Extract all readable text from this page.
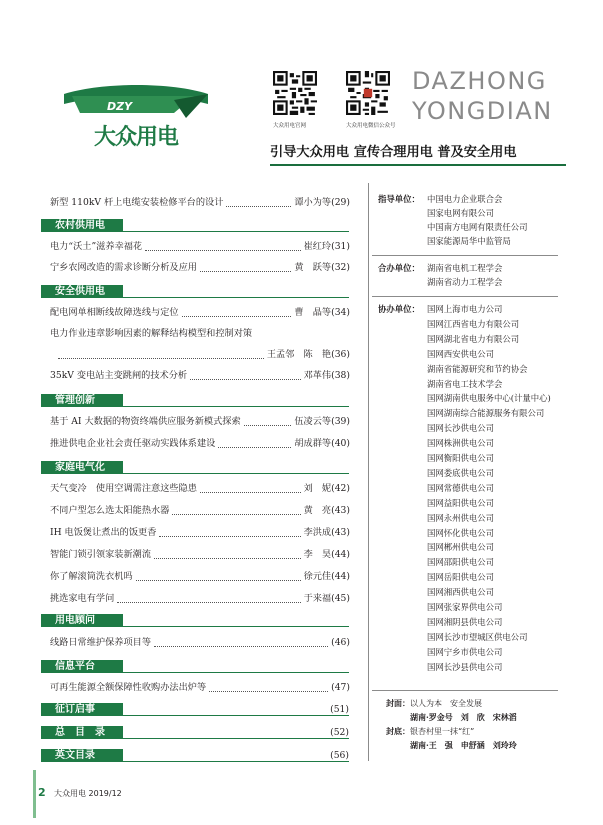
DZY
大众用电	大众用电官网	大众用电微信公众号
DAZHONG
YONGDIAN
引导大众用电 宣传合理用电 普及安全用电
新型 110kV 杆上电缆安装检修平台的设计	谭小为等 (29)
农村供用电
电力“沃土”滋养幸福花	崔红玲 (31)
宁乡农网改造的需求诊断分析及应用	黄　跃等 (32)
安全供用电
配电网单相断线故障选线与定位	曹　晶等 (34)
电力作业违章影响因素的解释结构模型和控制对策
王孟邻　陈　艳 (36)
35kV 变电站主变跳闸的技术分析	邓革伟 (38)
管理创新
基于 AI 大数据的物资终端供应服务新模式探索	伍凌云等 (39)
推进供电企业社会责任驱动实践体系建设	胡成群等 (40)
家庭电气化
天气变冷　使用空调需注意这些隐患	刘　妮 (42)
不同户型怎么选太阳能热水器	黄　亮 (43)
IH 电饭煲让煮出的饭更香	李洪成 (43)
智能门锁引领家装新潮流	李　昊 (44)
你了解滚筒洗衣机吗	徐元佳 (44)
挑选家电有学问	于来福 (45)
用电顾问
线路日常维护保养项目等	(46)
信息平台
可再生能源全额保障性收购办法出炉等	(47)
征订启事	(51)
总　目　录	(52)
英文目录	(56)
指导单位： 中国电力企业联合会
国家电网有限公司
中国南方电网有限责任公司
国家能源局华中监管局
合办单位： 湖南省电机工程学会
湖南省动力工程学会
协办单位： 国网上海市电力公司
国网江西省电力有限公司
国网湖北省电力有限公司
国网西安供电公司
湖南省能源研究和节约协会
湖南省电工技术学会
国网湖南供电服务中心(计量中心)
国网湖南综合能源服务有限公司
国网长沙供电公司
国网株洲供电公司
国网衡阳供电公司
国网娄底供电公司
国网常德供电公司
国网益阳供电公司
国网永州供电公司
国网怀化供电公司
国网郴州供电公司
国网邵阳供电公司
国网岳阳供电公司
国网湘西供电公司
国网张家界供电公司
国网湘阴县供电公司
国网长沙市望城区供电公司
国网宁乡市供电公司
国网长沙县供电公司
封面： 以人为本　安全发展
湖南·罗金号　刘　欣　宋林滔
封底： 银杏村里一抹“红”
湖南·王　强　申舒涵　刘玲玲
2 大众用电 2019/12
